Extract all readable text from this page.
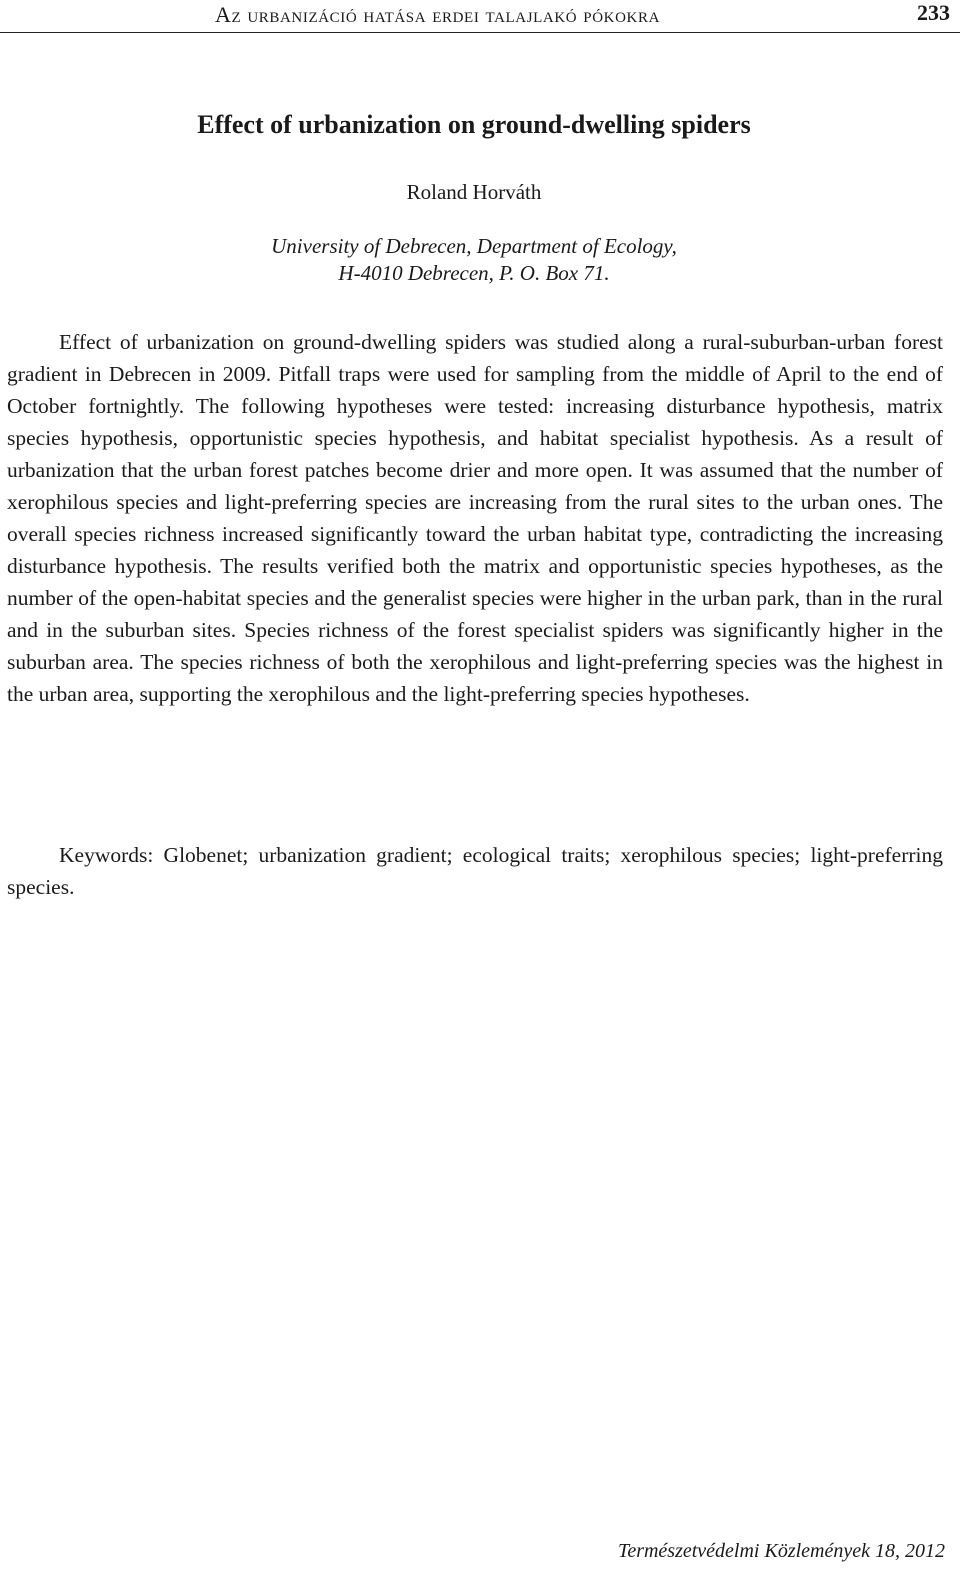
Az urbanizáció hatása erdei talajlakó pókokra	233
Effect of urbanization on ground-dwelling spiders
Roland Horváth
University of Debrecen, Department of Ecology,
H-4010 Debrecen, P. O. Box 71.

Effect of urbanization on ground-dwelling spiders was studied along a rural-suburban-urban forest gradient in Debrecen in 2009. Pitfall traps were used for sampling from the middle of April to the end of October fortnightly. The following hypotheses were tested: increasing disturbance hypothesis, matrix species hypothesis, opportunistic species hypothesis, and habitat specialist hypothesis. As a result of urbanization that the urban forest patches become drier and more open. It was assumed that the number of xerophilous species and light-preferring species are increasing from the rural sites to the urban ones. The overall species richness increased significantly toward the urban habitat type, contradicting the increasing disturbance hypothesis. The results verified both the matrix and opportunistic species hypotheses, as the number of the open-habitat species and the generalist species were higher in the urban park, than in the rural and in the suburban sites. Species richness of the forest specialist spiders was significantly higher in the suburban area. The species richness of both the xerophilous and light-preferring species was the highest in the urban area, supporting the xerophilous and the light-preferring species hypotheses.

Keywords: Globenet; urbanization gradient; ecological traits; xerophilous species; light-preferring species.

Természetvédelmi Közlemények 18, 2012
